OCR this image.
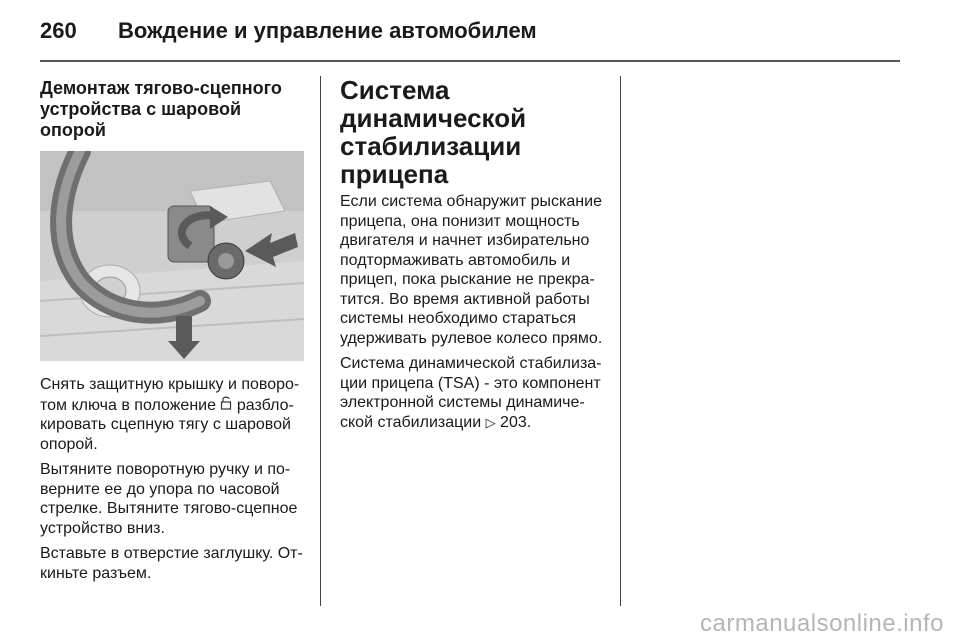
260 Вождение и управление автомобилем
Демонтаж тягово-сцепного
устройства с шаровой опорой

Снять защитную крышку и поворо-
том ключа в положение  разбло-
кировать сцепную тягу с шаровой
опорой.

Вытяните поворотную ручку и по-
верните ее до упора по часовой
стрелке. Вытяните тягово-сцепное
устройство вниз.

Вставьте в отверстие заглушку. От-
киньте разъем.

Система динамической
стабилизации прицепа

Если система обнаружит рыскание
прицепа, она понизит мощность
двигателя и начнет избирательно
подтормаживать автомобиль и
прицеп, пока рыскание не прекра-
тится. Во время активной работы
системы необходимо стараться
удерживать рулевое колесо прямо.

Система динамической стабилиза-
ции прицепа (TSA) - это компонент
электронной системы динамиче-
ской стабилизации ▷ 203.

carmanualsonline.info
